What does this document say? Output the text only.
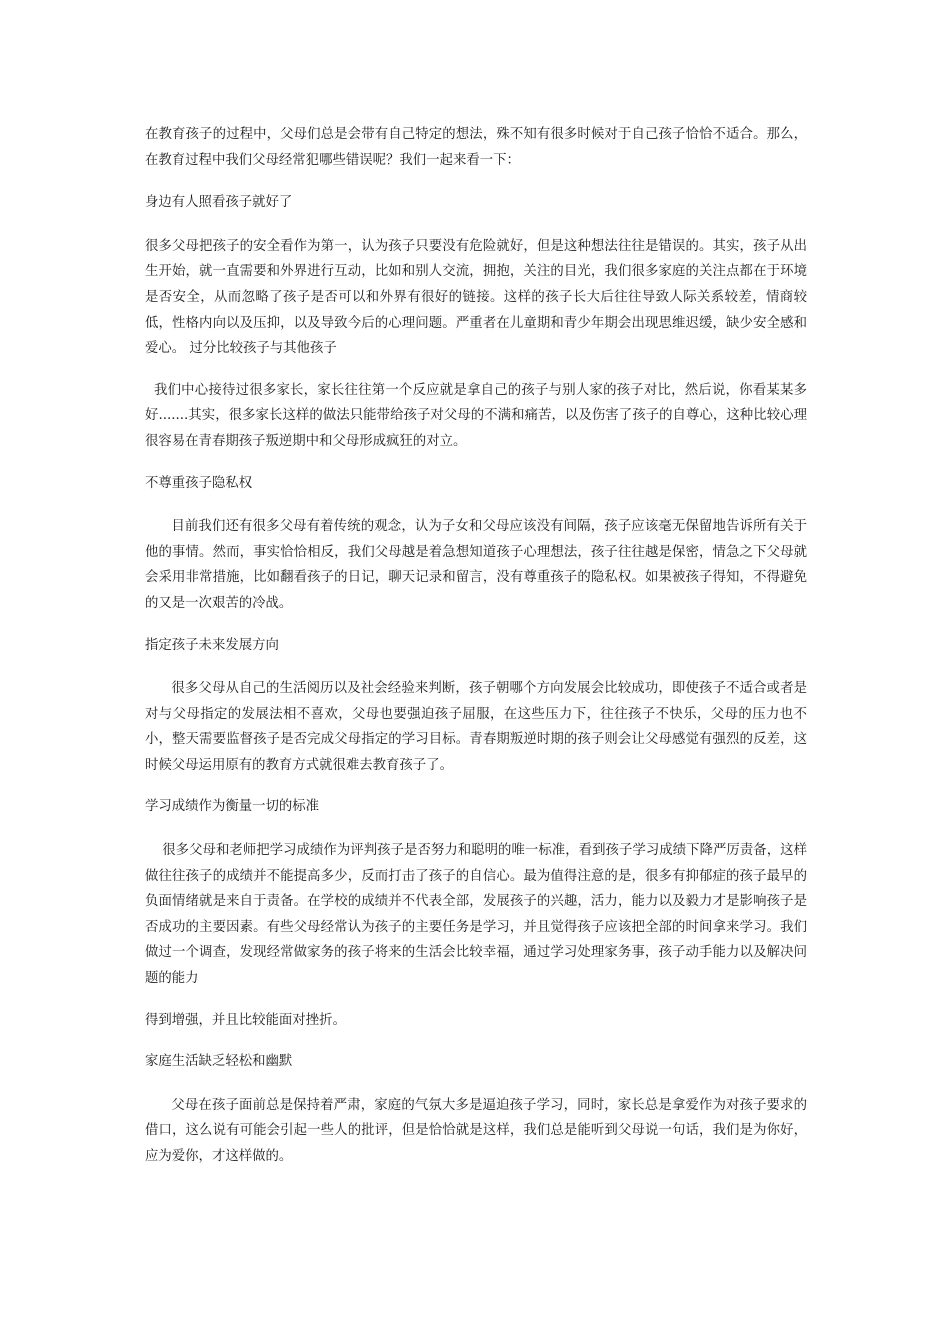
在教育孩子的过程中，父母们总是会带有自己特定的想法，殊不知有很多时候对于自己孩子恰恰不适合。那么，在教育过程中我们父母经常犯哪些错误呢？我们一起来看一下：

身边有人照看孩子就好了

很多父母把孩子的安全看作为第一，认为孩子只要没有危险就好，但是这种想法往往是错误的。其实，孩子从出生开始，就一直需要和外界进行互动，比如和别人交流，拥抱，关注的目光，我们很多家庭的关注点都在于环境是否安全，从而忽略了孩子是否可以和外界有很好的链接。这样的孩子长大后往往导致人际关系较差，情商较低，性格内向以及压抑，以及导致今后的心理问题。严重者在儿童期和青少年期会出现思维迟缓，缺少安全感和爱心。 过分比较孩子与其他孩子

我们中心接待过很多家长，家长往往第一个反应就是拿自己的孩子与别人家的孩子对比，然后说，你看某某多好.......其实，很多家长这样的做法只能带给孩子对父母的不满和痛苦，以及伤害了孩子的自尊心，这种比较心理很容易在青春期孩子叛逆期中和父母形成疯狂的对立。

不尊重孩子隐私权

目前我们还有很多父母有着传统的观念，认为子女和父母应该没有间隔，孩子应该毫无保留地告诉所有关于他的事情。然而，事实恰恰相反，我们父母越是着急想知道孩子心理想法，孩子往往越是保密，情急之下父母就会采用非常措施，比如翻看孩子的日记，聊天记录和留言，没有尊重孩子的隐私权。如果被孩子得知，不得避免的又是一次艰苦的冷战。

指定孩子未来发展方向

很多父母从自己的生活阅历以及社会经验来判断，孩子朝哪个方向发展会比较成功，即使孩子不适合或者是对与父母指定的发展法相不喜欢，父母也要强迫孩子屈服，在这些压力下，往往孩子不快乐，父母的压力也不小，整天需要监督孩子是否完成父母指定的学习目标。青春期叛逆时期的孩子则会让父母感觉有强烈的反差，这时候父母运用原有的教育方式就很难去教育孩子了。

学习成绩作为衡量一切的标准

很多父母和老师把学习成绩作为评判孩子是否努力和聪明的唯一标准，看到孩子学习成绩下降严厉责备，这样做往往孩子的成绩并不能提高多少，反而打击了孩子的自信心。最为值得注意的是，很多有抑郁症的孩子最早的负面情绪就是来自于责备。在学校的成绩并不代表全部，发展孩子的兴趣，活力，能力以及毅力才是影响孩子是否成功的主要因素。有些父母经常认为孩子的主要任务是学习，并且觉得孩子应该把全部的时间拿来学习。我们做过一个调查，发现经常做家务的孩子将来的生活会比较幸福，通过学习处理家务事，孩子动手能力以及解决问题的能力

得到增强，并且比较能面对挫折。

家庭生活缺乏轻松和幽默

父母在孩子面前总是保持着严肃，家庭的气氛大多是逼迫孩子学习，同时，家长总是拿爱作为对孩子要求的借口，这么说有可能会引起一些人的批评，但是恰恰就是这样，我们总是能听到父母说一句话，我们是为你好，应为爱你，才这样做的。
